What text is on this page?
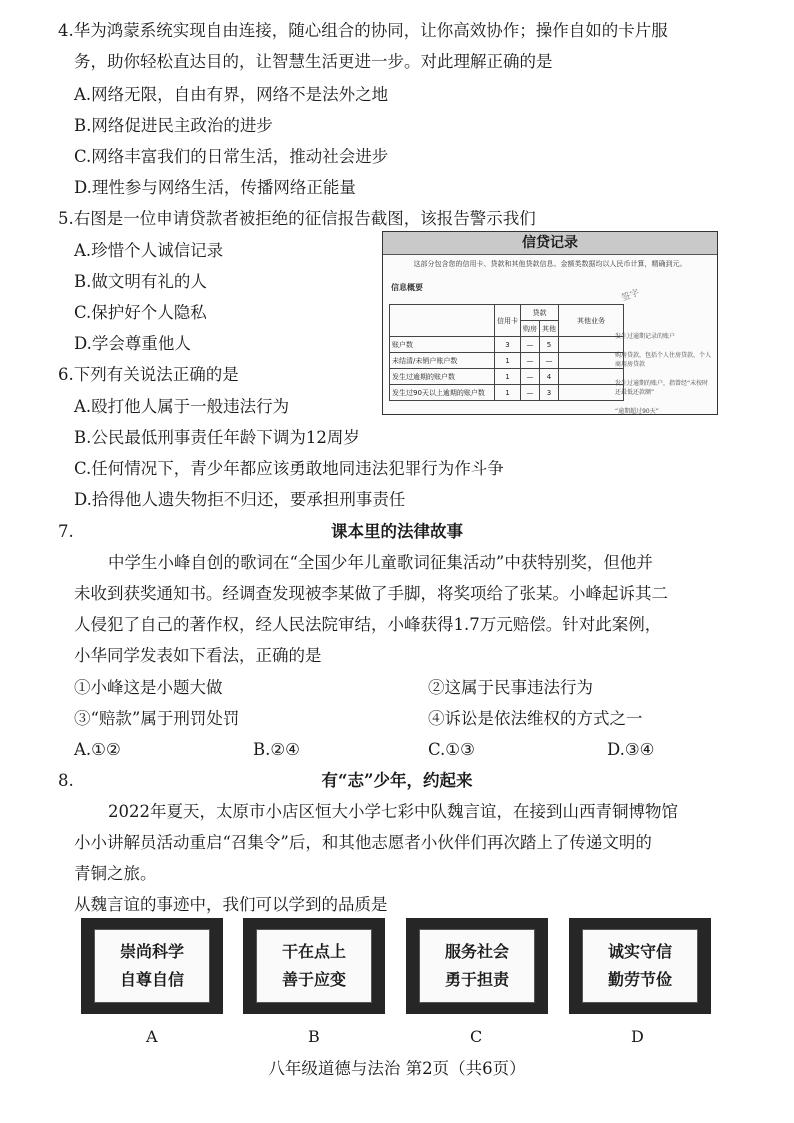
4.华为鸿蒙系统实现自由连接，随心组合的协同，让你高效协作；操作自如的卡片服
务，助你轻松直达目的，让智慧生活更进一步。对此理解正确的是
A.网络无限，自由有界，网络不是法外之地
B.网络促进民主政治的进步
C.网络丰富我们的日常生活，推动社会进步
D.理性参与网络生活，传播网络正能量
5.右图是一位申请贷款者被拒绝的征信报告截图，该报告警示我们
A.珍惜个人诚信记录
B.做文明有礼的人
C.保护好个人隐私
D.学会尊重他人
信贷记录
这部分包含您的信用卡、贷款和其他贷款信息。金额类数据均以人民币计算，精确到元。
信息概要
签字
	信用卡	贷款		其他业务
		购房	其他	
账户数	3	—	5	
未结清/未销户账户数	1	—	—	
发生过逾期的账户数	1	—	4	
发生过90天以上逾期的账户数	1	—	3	
发生过逾期记录的账户
购房贷款，包括个人住房贷款、个人商用房贷款
发生过逾期的账户，指曾经“未按时还最低还款额”
“逾期超过90天”
6.下列有关说法正确的是
A.殴打他人属于一般违法行为
B.公民最低刑事责任年龄下调为12周岁
C.任何情况下，青少年都应该勇敢地同违法犯罪行为作斗争
D.拾得他人遗失物拒不归还，要承担刑事责任
7.	课本里的法律故事
中学生小峰自创的歌词在“全国少年儿童歌词征集活动”中获特别奖，但他并
未收到获奖通知书。经调查发现被李某做了手脚，将奖项给了张某。小峰起诉其二
人侵犯了自己的著作权，经人民法院审结，小峰获得1.7万元赔偿。针对此案例，
小华同学发表如下看法，正确的是
①小峰这是小题大做	②这属于民事违法行为
③“赔款”属于刑罚处罚	④诉讼是依法维权的方式之一
A.①②	B.②④	C.①③	D.③④
8.	有“志”少年，约起来
2022年夏天，太原市小店区恒大小学七彩中队魏言谊，在接到山西青铜博物馆
小小讲解员活动重启“召集令”后，和其他志愿者小伙伴们再次踏上了传递文明的
青铜之旅。
从魏言谊的事迹中，我们可以学到的品质是
崇尚科学
自尊自信
干在点上
善于应变
服务社会
勇于担责
诚实守信
勤劳节俭
A	B	C	D
八年级道德与法治 第2页（共6页）
